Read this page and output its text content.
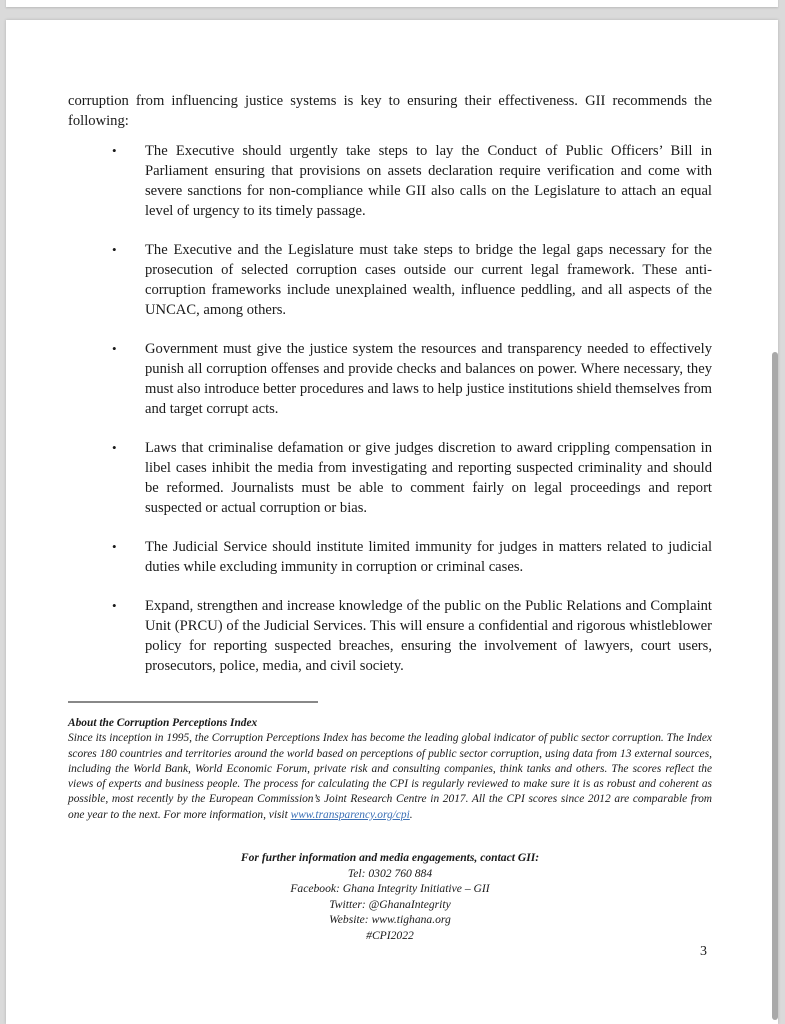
corruption from influencing justice systems is key to ensuring their effectiveness. GII recommends the following:

• The Executive should urgently take steps to lay the Conduct of Public Officers’ Bill in Parliament ensuring that provisions on assets declaration require verification and come with severe sanctions for non-compliance while GII also calls on the Legislature to attach an equal level of urgency to its timely passage.
• The Executive and the Legislature must take steps to bridge the legal gaps necessary for the prosecution of selected corruption cases outside our current legal framework. These anti-corruption frameworks include unexplained wealth, influence peddling, and all aspects of the UNCAC, among others.
• Government must give the justice system the resources and transparency needed to effectively punish all corruption offenses and provide checks and balances on power. Where necessary, they must also introduce better procedures and laws to help justice institutions shield themselves from and target corrupt acts.
• Laws that criminalise defamation or give judges discretion to award crippling compensation in libel cases inhibit the media from investigating and reporting suspected criminality and should be reformed. Journalists must be able to comment fairly on legal proceedings and report suspected or actual corruption or bias.
• The Judicial Service should institute limited immunity for judges in matters related to judicial duties while excluding immunity in corruption or criminal cases.
• Expand, strengthen and increase knowledge of the public on the Public Relations and Complaint Unit (PRCU) of the Judicial Services. This will ensure a confidential and rigorous whistleblower policy for reporting suspected breaches, ensuring the involvement of lawyers, court users, prosecutors, police, media, and civil society.
About the Corruption Perceptions Index
Since its inception in 1995, the Corruption Perceptions Index has become the leading global indicator of public sector corruption. The Index scores 180 countries and territories around the world based on perceptions of public sector corruption, using data from 13 external sources, including the World Bank, World Economic Forum, private risk and consulting companies, think tanks and others. The scores reflect the views of experts and business people. The process for calculating the CPI is regularly reviewed to make sure it is as robust and coherent as possible, most recently by the European Commission’s Joint Research Centre in 2017. All the CPI scores since 2012 are comparable from one year to the next. For more information, visit www.transparency.org/cpi.
For further information and media engagements, contact GII:
Tel: 0302 760 884
Facebook: Ghana Integrity Initiative – GII
Twitter: @GhanaIntegrity
Website: www.tighana.org
#CPI2022
3
